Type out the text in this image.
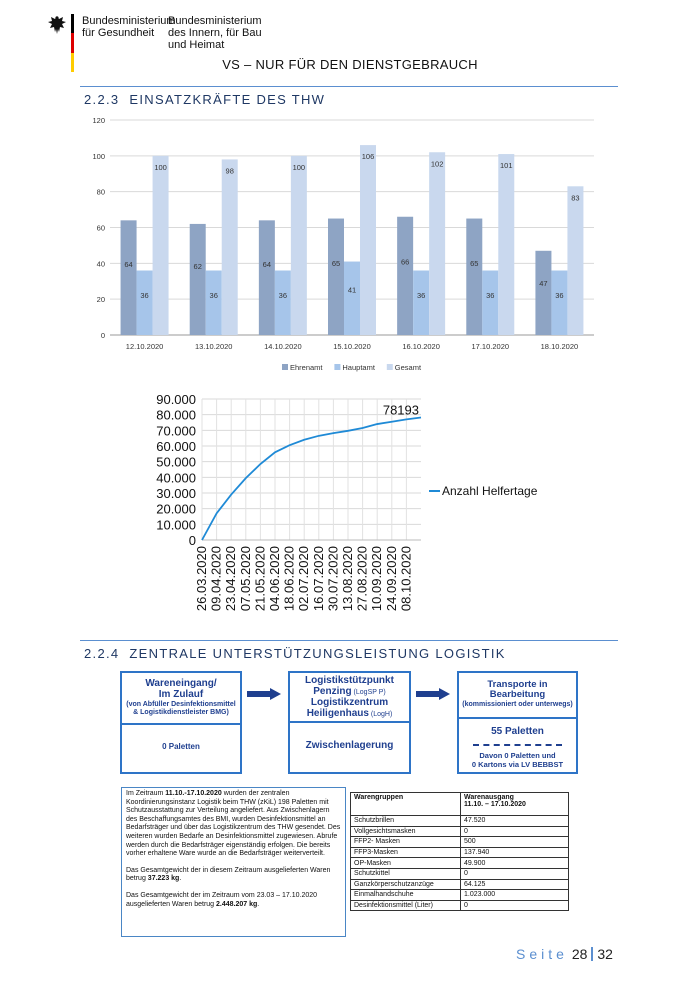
Bundesministerium
für Gesundheit
Bundesministerium
des Innern, für Bau
und Heimat
VS – NUR FÜR DEN DIENSTGEBRAUCH
2.2.3 EINSATZKRÄFTE DES THW
0
20
40
60
80
100
120
64
36
100
12.10.2020
62
36
98
13.10.2020
64
36
100
14.10.2020
65
41
106
15.10.2020
66
36
102
16.10.2020
65
36
101
17.10.2020
47
36
83
18.10.2020
Ehrenamt	Hauptamt	Gesamt
0
10.000
20.000
30.000
40.000
50.000
60.000
70.000
80.000
90.000
26.03.2020 09.04.2020 23.04.2020 07.05.2020 21.05.2020 04.06.2020 18.06.2020 02.07.2020 16.07.2020 30.07.2020 13.08.2020 27.08.2020 10.09.2020 24.09.2020 08.10.2020
78193
Anzahl Helfertage
2.2.4 ZENTRALE UNTERSTÜTZUNGSLEISTUNG LOGISTIK
Wareneingang/
Im Zulauf
(von Abfüller Desinfektionsmittel & Logistikdienstleister BMG)
0 Paletten
Logistikstützpunkt
Penzing (LogSP P)
Logistikzentrum
Heiligenhaus (LogH)
Zwischenlagerung
Transporte in
Bearbeitung
(kommissioniert oder unterwegs)
55 Paletten
Davon 0 Paletten und
0 Kartons via LV BEBBST

Im Zeitraum 11.10.-17.10.2020 wurden der zentralen Koordinierungsinstanz Logistik beim THW (zKiL) 198 Paletten mit Schutzausstattung zur Verteilung angeliefert. Aus Zwischenlagern des Beschaffungsamtes des BMI, wurden Desinfektionsmittel an Bedarfsträger und über das Logistikzentrum des THW gesendet. Des weiteren wurden Bedarfe an Desinfektionsmittel zugewiesen. Abrufe werden durch die Bedarfsträger eigenständig erfolgen. Die bereits vorher erhaltene Ware wurde an die Bedarfsträger weiterverteilt.

Das Gesamtgewicht der in diesem Zeitraum ausgelieferten Waren betrug 37.223 kg.

Das Gesamtgewicht der im Zeitraum vom 23.03 – 17.10.2020 ausgelieferten Waren betrug 2.448.207 kg.

Warengruppen	Warenausgang
11.10. – 17.10.2020

Schutzbrillen	47.520
Vollgesichtsmasken	0
FFP2- Masken	500
FFP3-Masken	137.940
OP-Masken	49.900
Schutzkittel	0
Ganzkörperschutzanzüge	64.125
Einmalhandschuhe	1.023.000
Desinfektionsmittel (Liter)	0
Seite 28 32
